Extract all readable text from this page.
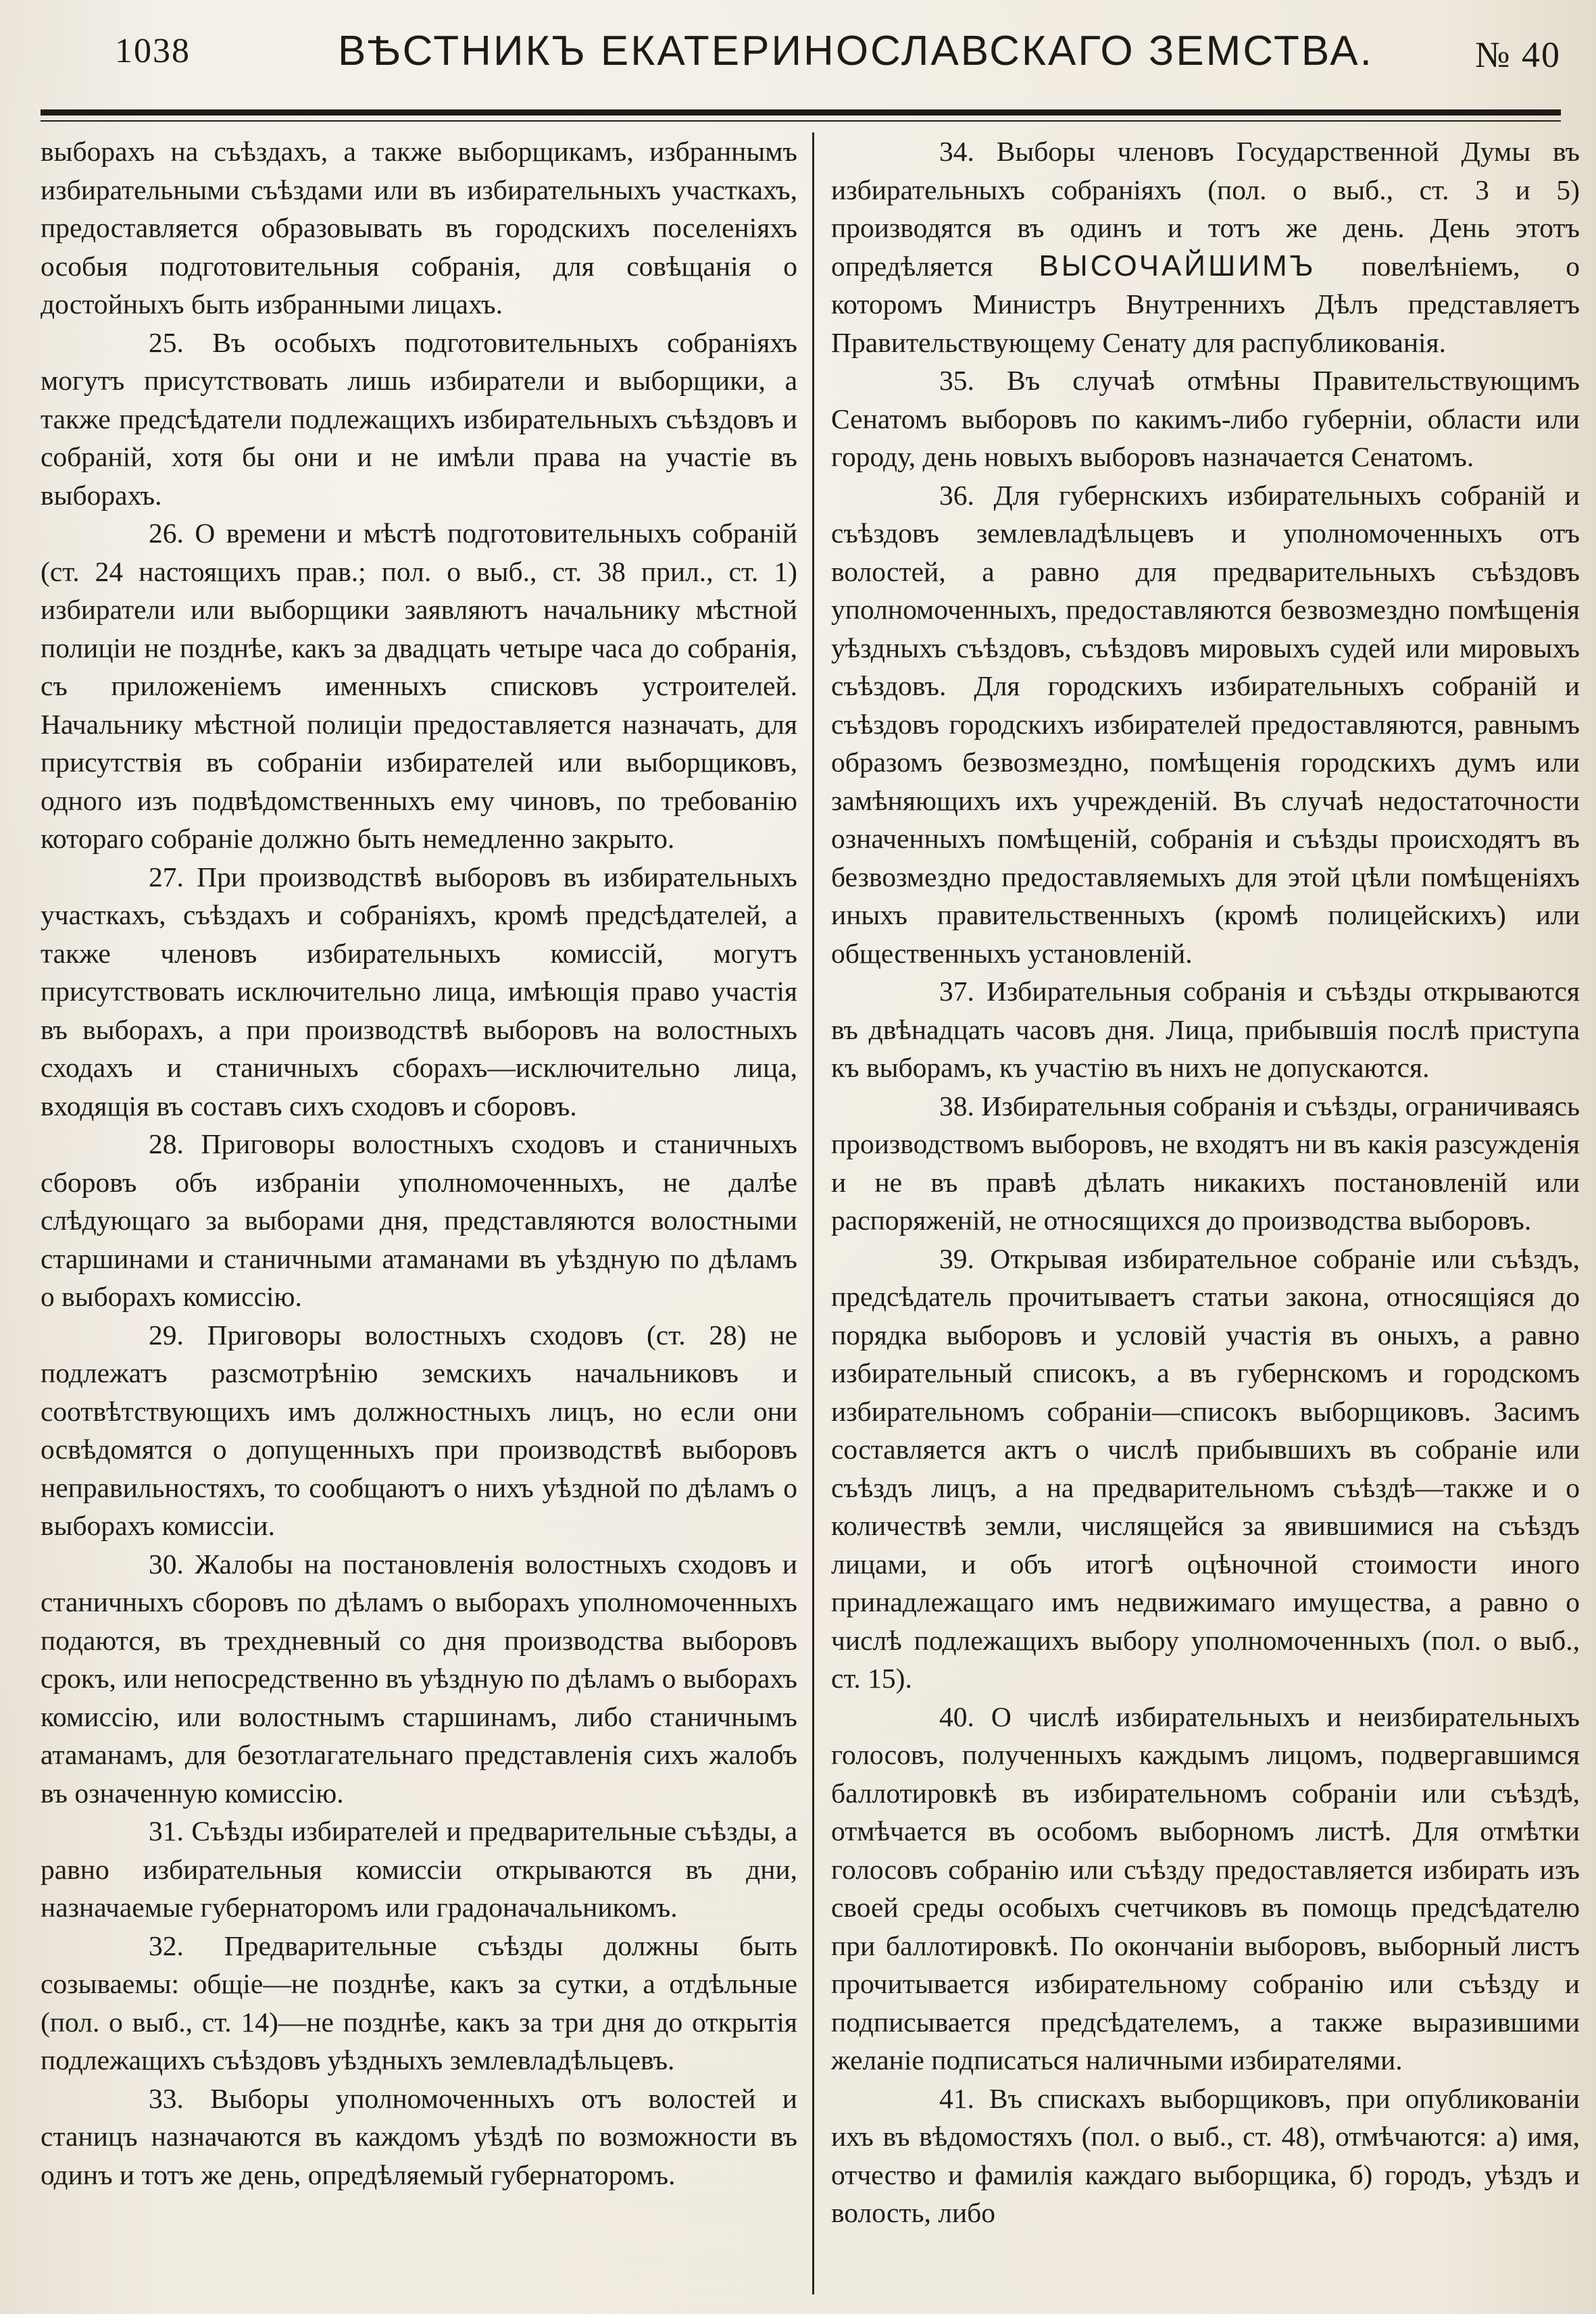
1038	ВѢСТНИКЪ ЕКАТЕРИНОСЛАВСКАГО ЗЕМСТВА.	№ 40

выборахъ на съѣздахъ, а также выборщикамъ, избраннымъ избирательными съѣздами или въ избирательныхъ участкахъ, предоставляется образовывать въ городскихъ поселеніяхъ особыя подготовительныя собранія, для совѣщанія о достойныхъ быть избранными лицахъ.

25. Въ особыхъ подготовительныхъ собраніяхъ могутъ присутствовать лишь избиратели и выборщики, а также предсѣдатели подлежащихъ избирательныхъ съѣздовъ и собраній, хотя бы они и не имѣли права на участіе въ выборахъ.

26. О времени и мѣстѣ подготовительныхъ собраній (ст. 24 настоящихъ прав.; пол. о выб., ст. 38 прил., ст. 1) избиратели или выборщики заявляютъ начальнику мѣстной полиціи не позднѣе, какъ за двадцать четыре часа до собранія, съ приложеніемъ именныхъ списковъ устроителей. Начальнику мѣстной полиціи предоставляется назначать, для присутствія въ собраніи избирателей или выборщиковъ, одного изъ подвѣдомственныхъ ему чиновъ, по требованію котораго собраніе должно быть немедленно закрыто.

27. При производствѣ выборовъ въ избирательныхъ участкахъ, съѣздахъ и собраніяхъ, кромѣ предсѣдателей, а также членовъ избирательныхъ комиссій, могутъ присутствовать исключительно лица, имѣющія право участія въ выборахъ, а при производствѣ выборовъ на волостныхъ сходахъ и станичныхъ сборахъ—исключительно лица, входящія въ составъ сихъ сходовъ и сборовъ.

28. Приговоры волостныхъ сходовъ и станичныхъ сборовъ объ избраніи уполномоченныхъ, не далѣе слѣдующаго за выборами дня, представляются волостными старшинами и станичными атаманами въ уѣздную по дѣламъ о выборахъ комиссію.

29. Приговоры волостныхъ сходовъ (ст. 28) не подлежатъ разсмотрѣнію земскихъ начальниковъ и соотвѣтствующихъ имъ должностныхъ лицъ, но если они освѣдомятся о допущенныхъ при производствѣ выборовъ неправильностяхъ, то сообщаютъ о нихъ уѣздной по дѣламъ о выборахъ комиссіи.

30. Жалобы на постановленія волостныхъ сходовъ и станичныхъ сборовъ по дѣламъ о выборахъ уполномоченныхъ подаются, въ трехдневный со дня производства выборовъ срокъ, или непосредственно въ уѣздную по дѣламъ о выборахъ комиссію, или волостнымъ старшинамъ, либо станичнымъ атаманамъ, для безотлагательнаго представленія сихъ жалобъ въ означенную комиссію.

31. Съѣзды избирателей и предварительные съѣзды, а равно избирательныя комиссіи открываются въ дни, назначаемые губернаторомъ или градоначальникомъ.

32. Предварительные съѣзды должны быть созываемы: общіе—не позднѣе, какъ за сутки, а отдѣльные (пол. о выб., ст. 14)—не позднѣе, какъ за три дня до открытія подлежащихъ съѣздовъ уѣздныхъ землевладѣльцевъ.

33. Выборы уполномоченныхъ отъ волостей и станицъ назначаются въ каждомъ уѣздѣ по возможности въ одинъ и тотъ же день, опредѣляемый губернаторомъ.

34. Выборы членовъ Государственной Думы въ избирательныхъ собраніяхъ (пол. о выб., ст. 3 и 5) производятся въ одинъ и тотъ же день. День этотъ опредѣляется ВЫСОЧАЙШИМЪ повелѣніемъ, о которомъ Министръ Внутреннихъ Дѣлъ представляетъ Правительствующему Сенату для распубликованія.

35. Въ случаѣ отмѣны Правительствующимъ Сенатомъ выборовъ по какимъ-либо губерніи, области или городу, день новыхъ выборовъ назначается Сенатомъ.

36. Для губернскихъ избирательныхъ собраній и съѣздовъ землевладѣльцевъ и уполномоченныхъ отъ волостей, а равно для предварительныхъ съѣздовъ уполномоченныхъ, предоставляются безвозмездно помѣщенія уѣздныхъ съѣздовъ, съѣздовъ мировыхъ судей или мировыхъ съѣздовъ. Для городскихъ избирательныхъ собраній и съѣздовъ городскихъ избирателей предоставляются, равнымъ образомъ безвозмездно, помѣщенія городскихъ думъ или замѣняющихъ ихъ учрежденій. Въ случаѣ недостаточности означенныхъ помѣщеній, собранія и съѣзды происходятъ въ безвозмездно предоставляемыхъ для этой цѣли помѣщеніяхъ иныхъ правительственныхъ (кромѣ полицейскихъ) или общественныхъ установленій.

37. Избирательныя собранія и съѣзды открываются въ двѣнадцать часовъ дня. Лица, прибывшія послѣ приступа къ выборамъ, къ участію въ нихъ не допускаются.

38. Избирательныя собранія и съѣзды, ограничиваясь производствомъ выборовъ, не входятъ ни въ какія разсужденія и не въ правѣ дѣлать никакихъ постановленій или распоряженій, не относящихся до производства выборовъ.

39. Открывая избирательное собраніе или съѣздъ, предсѣдатель прочитываетъ статьи закона, относящіяся до порядка выборовъ и условій участія въ оныхъ, а равно избирательный списокъ, а въ губернскомъ и городскомъ избирательномъ собраніи—списокъ выборщиковъ. Засимъ составляется актъ о числѣ прибывшихъ въ собраніе или съѣздъ лицъ, а на предварительномъ съѣздѣ—также и о количествѣ земли, числящейся за явившимися на съѣздъ лицами, и объ итогѣ оцѣночной стоимости иного принадлежащаго имъ недвижимаго имущества, а равно о числѣ подлежащихъ выбору уполномоченныхъ (пол. о выб., ст. 15).

40. О числѣ избирательныхъ и неизбирательныхъ голосовъ, полученныхъ каждымъ лицомъ, подвергавшимся баллотировкѣ въ избирательномъ собраніи или съѣздѣ, отмѣчается въ особомъ выборномъ листѣ. Для отмѣтки голосовъ собранію или съѣзду предоставляется избирать изъ своей среды особыхъ счетчиковъ въ помощь предсѣдателю при баллотировкѣ. По окончаніи выборовъ, выборный листъ прочитывается избирательному собранію или съѣзду и подписывается предсѣдателемъ, а также выразившими желаніе подписаться наличными избирателями.

41. Въ спискахъ выборщиковъ, при опубликованіи ихъ въ вѣдомостяхъ (пол. о выб., ст. 48), отмѣчаются: а) имя, отчество и фамилія каждаго выборщика, б) городъ, уѣздъ и волость, либо
